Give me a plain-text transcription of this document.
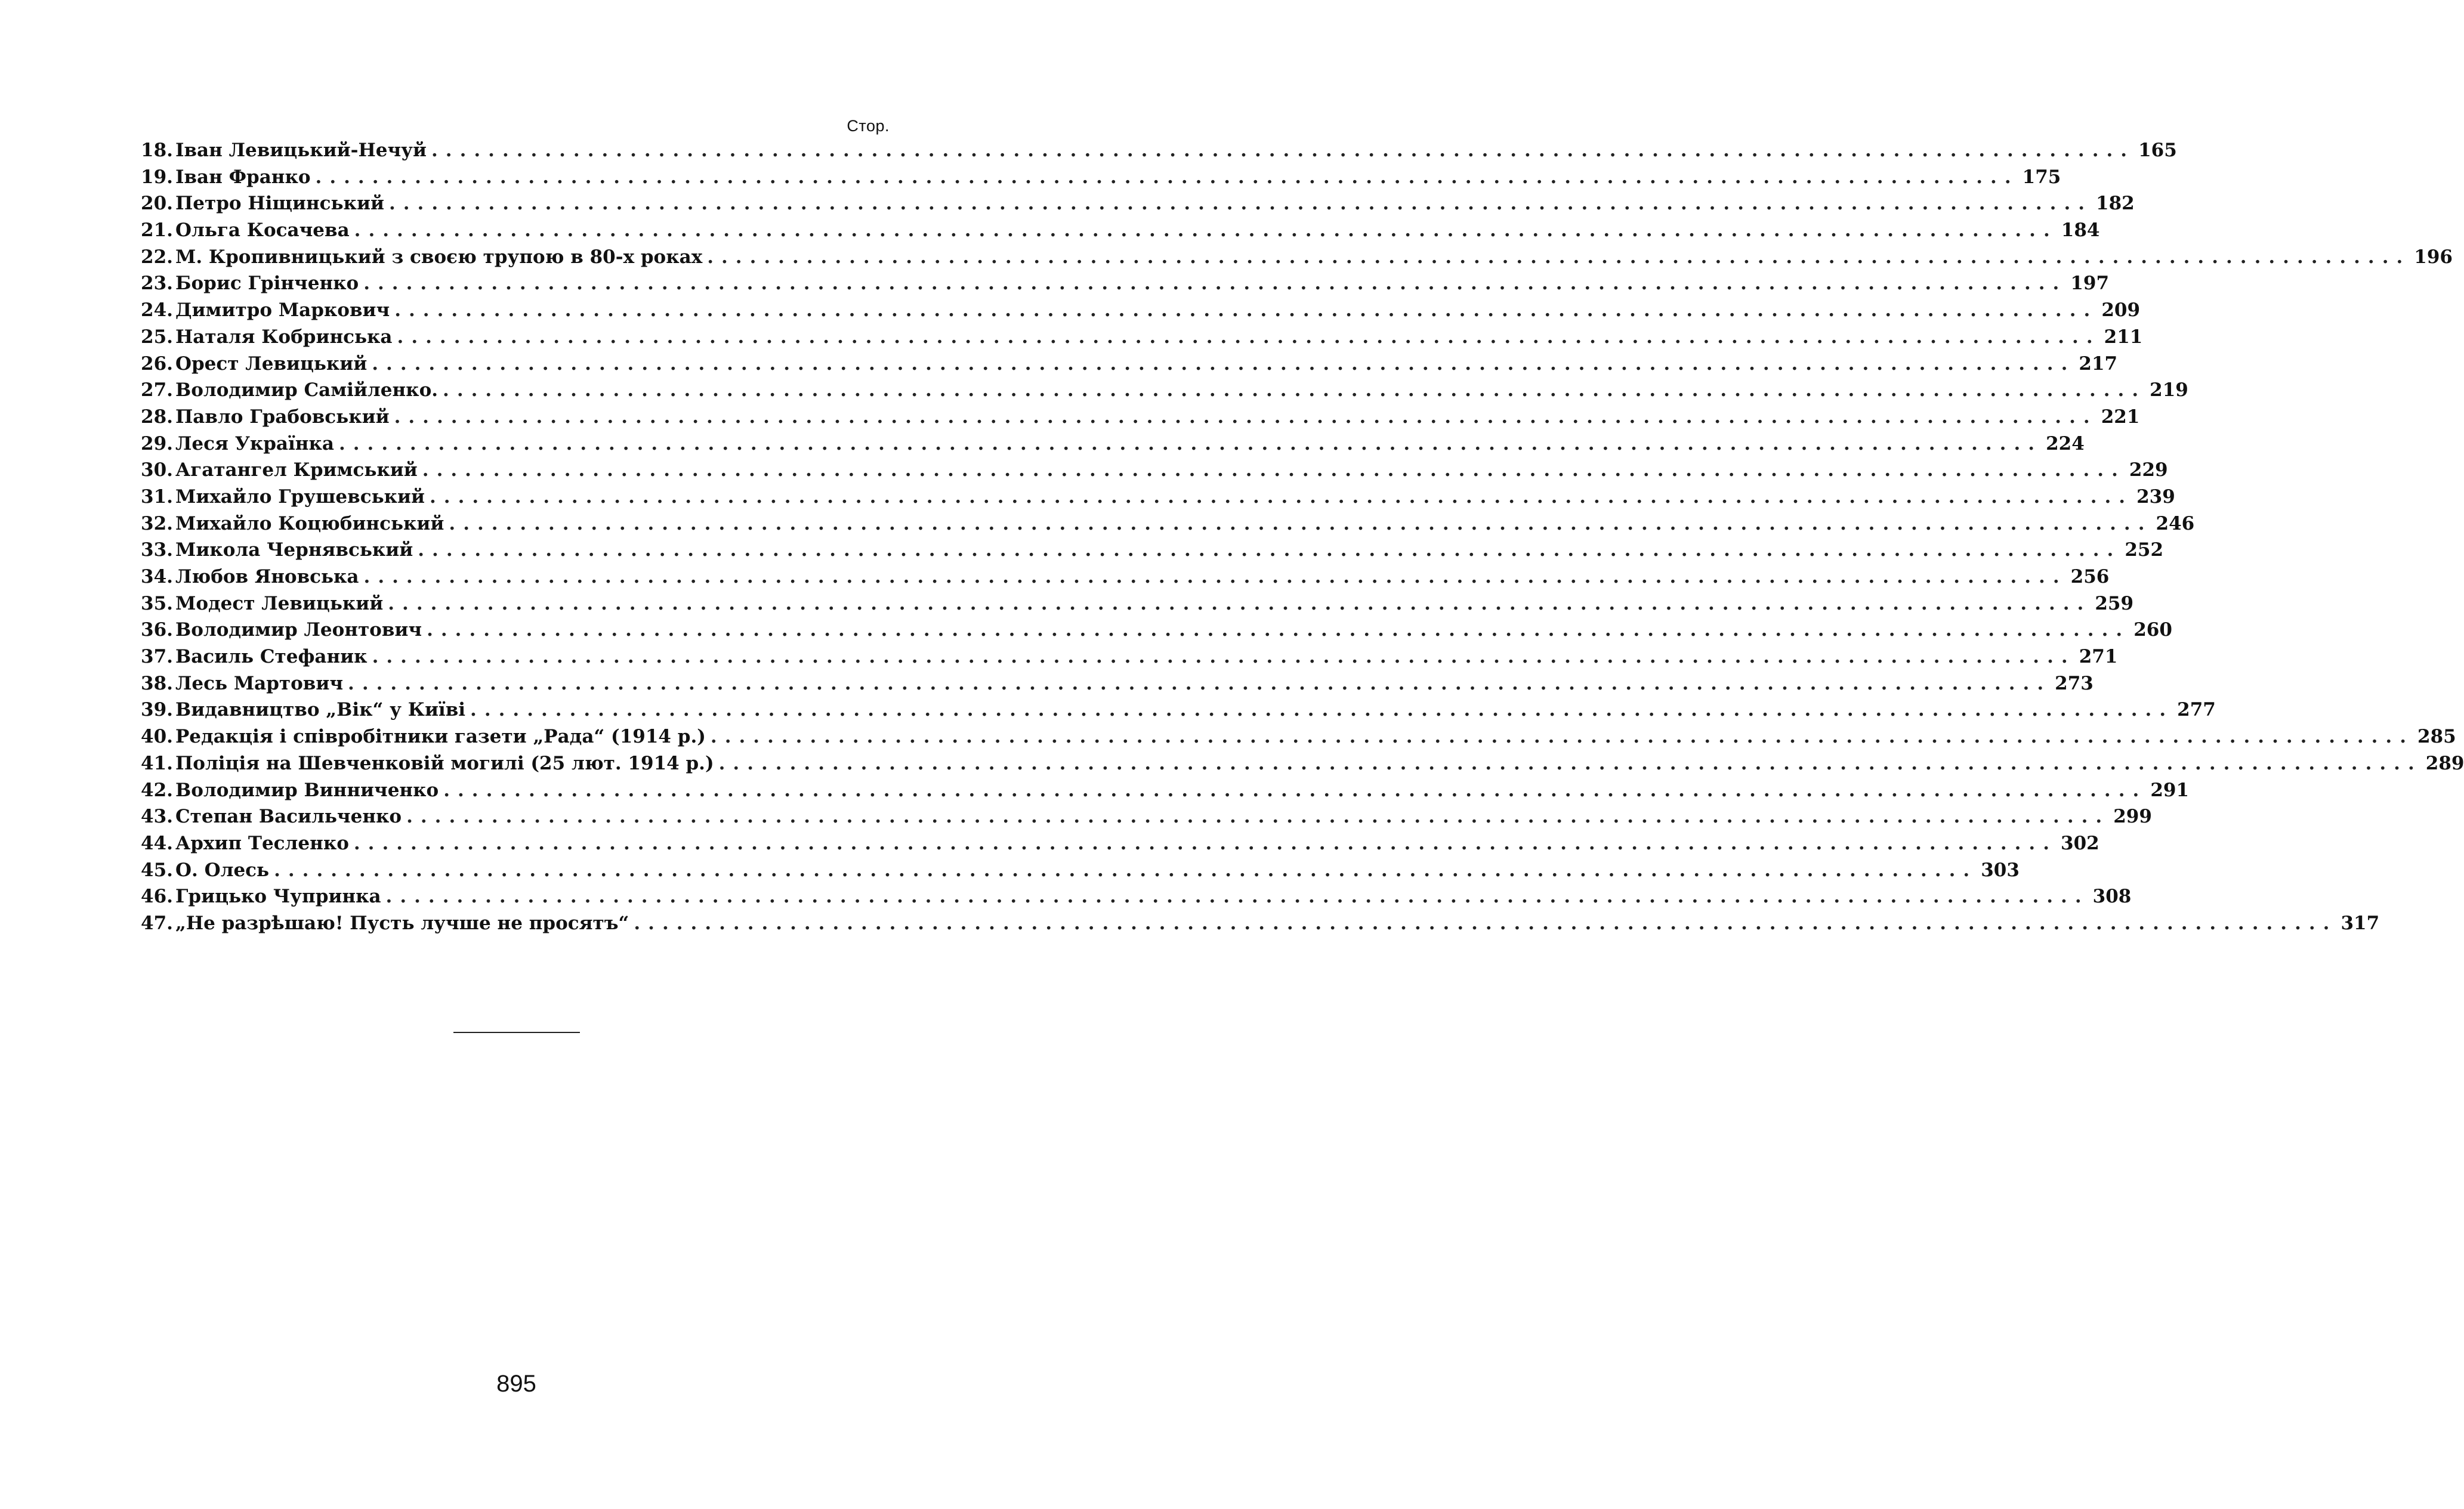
Стор.
18. Іван Левицький-Нечуй ........................................................................................................................ 165
19. Іван Франко ........................................................................................................................ 175
20. Петро Ніщинський ........................................................................................................................ 182
21. Ольга Косачева ........................................................................................................................ 184
22. М. Кропивницький з своєю трупою в 80-х роках ........................................................................................................................ 196
23. Борис Грінченко ........................................................................................................................ 197
24. Димитро Маркович ........................................................................................................................ 209
25. Наталя Кобринська ........................................................................................................................ 211
26. Орест Левицький ........................................................................................................................ 217
27. Володимир Самійленко. ........................................................................................................................ 219
28. Павло Грабовський ........................................................................................................................ 221
29. Леся Українка ........................................................................................................................ 224
30. Агатангел Кримський ........................................................................................................................ 229
31. Михайло Грушевський ........................................................................................................................ 239
32. Михайло Коцюбинський ........................................................................................................................ 246
33. Микола Чернявський ........................................................................................................................ 252
34. Любов Яновська ........................................................................................................................ 256
35. Модест Левицький ........................................................................................................................ 259
36. Володимир Леонтович ........................................................................................................................ 260
37. Василь Стефаник ........................................................................................................................ 271
38. Лесь Мартович ........................................................................................................................ 273
39. Видавництво „Вік“ у Київі ........................................................................................................................ 277
40. Редакція і співробітники газети „Рада“ (1914 р.) ........................................................................................................................ 285
41. Поліція на Шевченковій могилі (25 лют. 1914 р.) ........................................................................................................................ 289
42. Володимир Винниченко ........................................................................................................................ 291
43. Степан Васильченко ........................................................................................................................ 299
44. Архип Тесленко ........................................................................................................................ 302
45. О. Олесь ........................................................................................................................ 303
46. Грицько Чупринка ........................................................................................................................ 308
47. „Не разрѣшаю! Пусть лучше не просятъ“ ........................................................................................................................ 317
895
